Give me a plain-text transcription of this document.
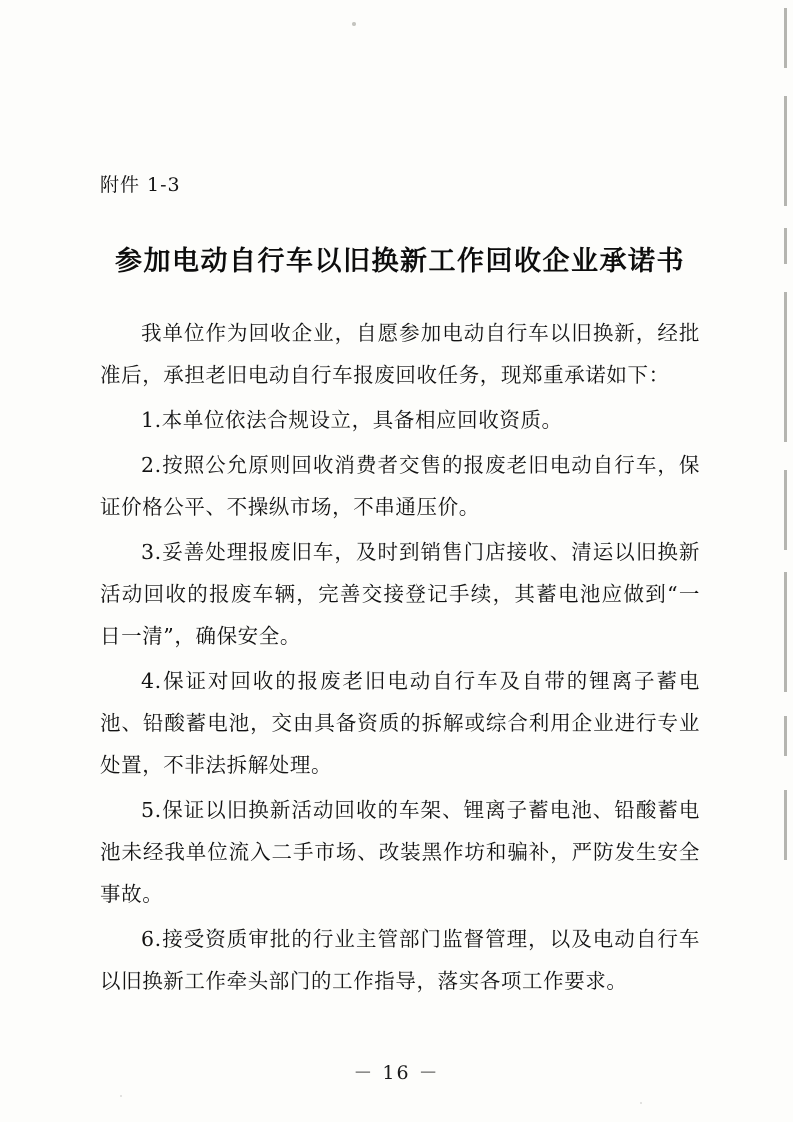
附件 1-3
参加电动自行车以旧换新工作回收企业承诺书

我单位作为回收企业，自愿参加电动自行车以旧换新，经批准后，承担老旧电动自行车报废回收任务，现郑重承诺如下：

1.本单位依法合规设立，具备相应回收资质。

2.按照公允原则回收消费者交售的报废老旧电动自行车，保证价格公平、不操纵市场，不串通压价。

3.妥善处理报废旧车，及时到销售门店接收、清运以旧换新活动回收的报废车辆，完善交接登记手续，其蓄电池应做到“一日一清”，确保安全。

4.保证对回收的报废老旧电动自行车及自带的锂离子蓄电池、铅酸蓄电池，交由具备资质的拆解或综合利用企业进行专业处置，不非法拆解处理。

5.保证以旧换新活动回收的车架、锂离子蓄电池、铅酸蓄电池未经我单位流入二手市场、改装黑作坊和骗补，严防发生安全事故。

6.接受资质审批的行业主管部门监督管理，以及电动自行车以旧换新工作牵头部门的工作指导，落实各项工作要求。

－ 16 －
